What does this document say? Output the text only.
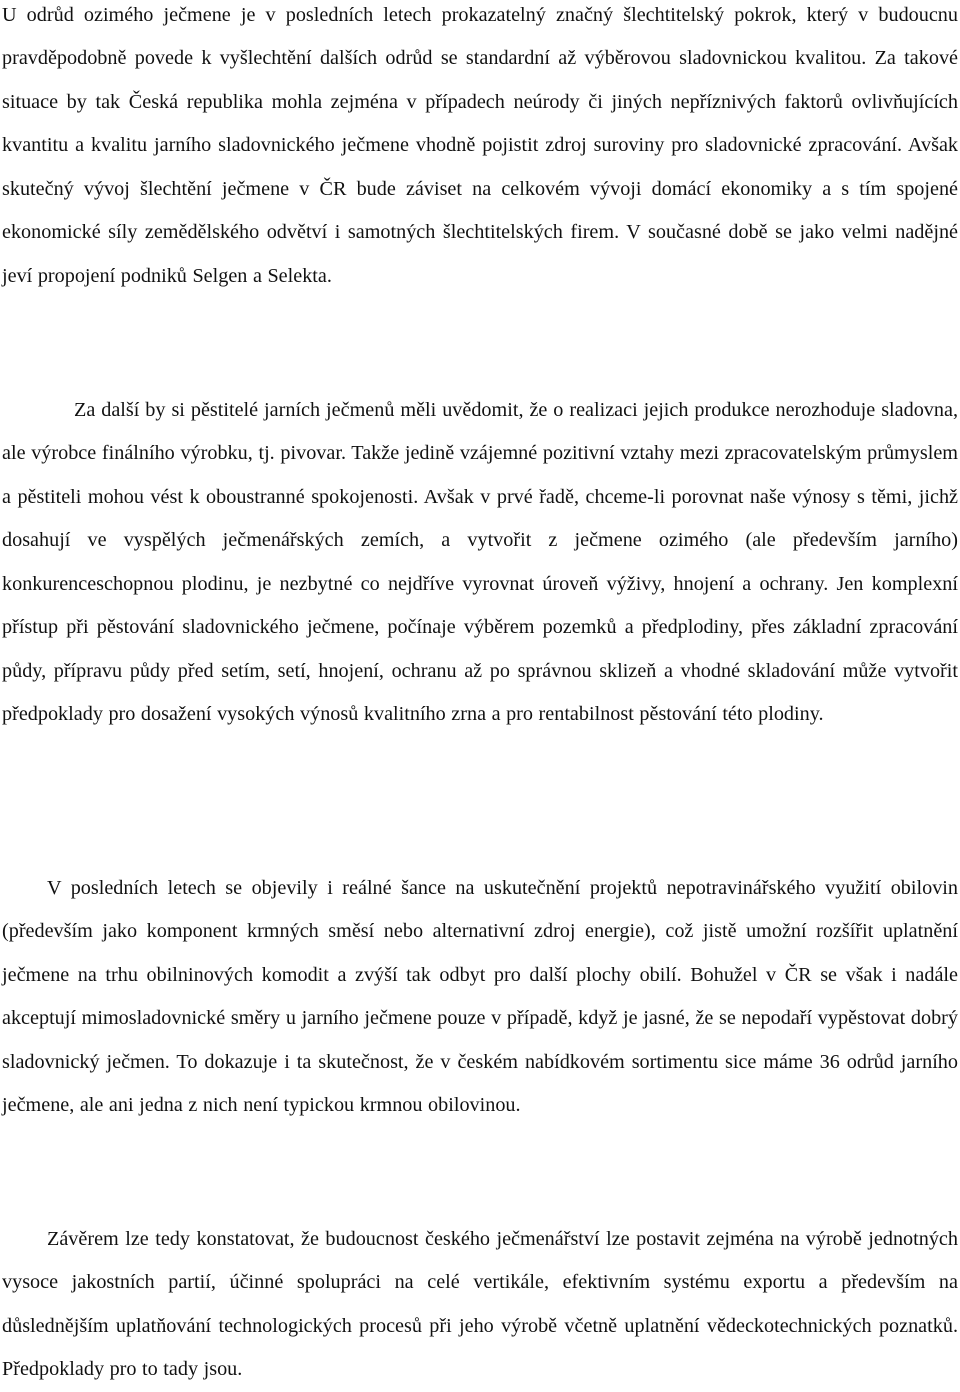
U odrůd ozimého ječmene je v posledních letech prokazatelný značný šlechtitelský pokrok, který v budoucnu pravděpodobně povede k vyšlechtění dalších odrůd se standardní až výběrovou sladovnickou kvalitou. Za takové situace by tak Česká republika mohla zejména v případech neúrody či jiných nepříznivých faktorů ovlivňujících kvantitu a kvalitu jarního sladovnického ječmene vhodně pojistit zdroj suroviny pro sladovnické zpracování. Avšak skutečný vývoj šlechtění ječmene v ČR bude záviset na celkovém vývoji domácí ekonomiky a s tím spojené ekonomické síly zemědělského odvětví i samotných šlechtitelských firem. V současné době se jako velmi nadějné jeví propojení podniků Selgen a Selekta.

Za další by si pěstitelé jarních ječmenů měli uvědomit, že o realizaci jejich produkce nerozhoduje sladovna, ale výrobce finálního výrobku, tj. pivovar. Takže jedině vzájemné pozitivní vztahy mezi zpracovatelským průmyslem a pěstiteli mohou vést k oboustranné spokojenosti. Avšak v prvé řadě, chceme-li porovnat naše výnosy s těmi, jichž dosahují ve vyspělých ječmenářských zemích, a vytvořit z ječmene ozimého (ale především jarního) konkurenceschopnou plodinu, je nezbytné co nejdříve vyrovnat úroveň výživy, hnojení a ochrany. Jen komplexní přístup při pěstování sladovnického ječmene, počínaje výběrem pozemků a předplodiny, přes základní zpracování půdy, přípravu půdy před setím, setí, hnojení, ochranu až po správnou sklizeň a vhodné skladování může vytvořit předpoklady pro dosažení vysokých výnosů kvalitního zrna a pro rentabilnost pěstování této plodiny.

V posledních letech se objevily i reálné šance na uskutečnění projektů nepotravinářského využití obilovin (především jako komponent krmných směsí nebo alternativní zdroj energie), což jistě umožní rozšířit uplatnění ječmene na trhu obilninových komodit a zvýší tak odbyt pro další plochy obilí. Bohužel v ČR se však i nadále akceptují mimosladovnické směry u jarního ječmene pouze v případě, když je jasné, že se nepodaří vypěstovat dobrý sladovnický ječmen. To dokazuje i ta skutečnost, že v českém nabídkovém sortimentu sice máme 36 odrůd jarního ječmene, ale ani jedna z nich není typickou krmnou obilovinou.

Závěrem lze tedy konstatovat, že budoucnost českého ječmenářství lze postavit zejména na výrobě jednotných vysoce jakostních partií, účinné spolupráci na celé vertikále, efektivním systému exportu a především na důslednějším uplatňování technologických procesů při jeho výrobě včetně uplatnění vědeckotechnických poznatků. Předpoklady pro to tady jsou.
